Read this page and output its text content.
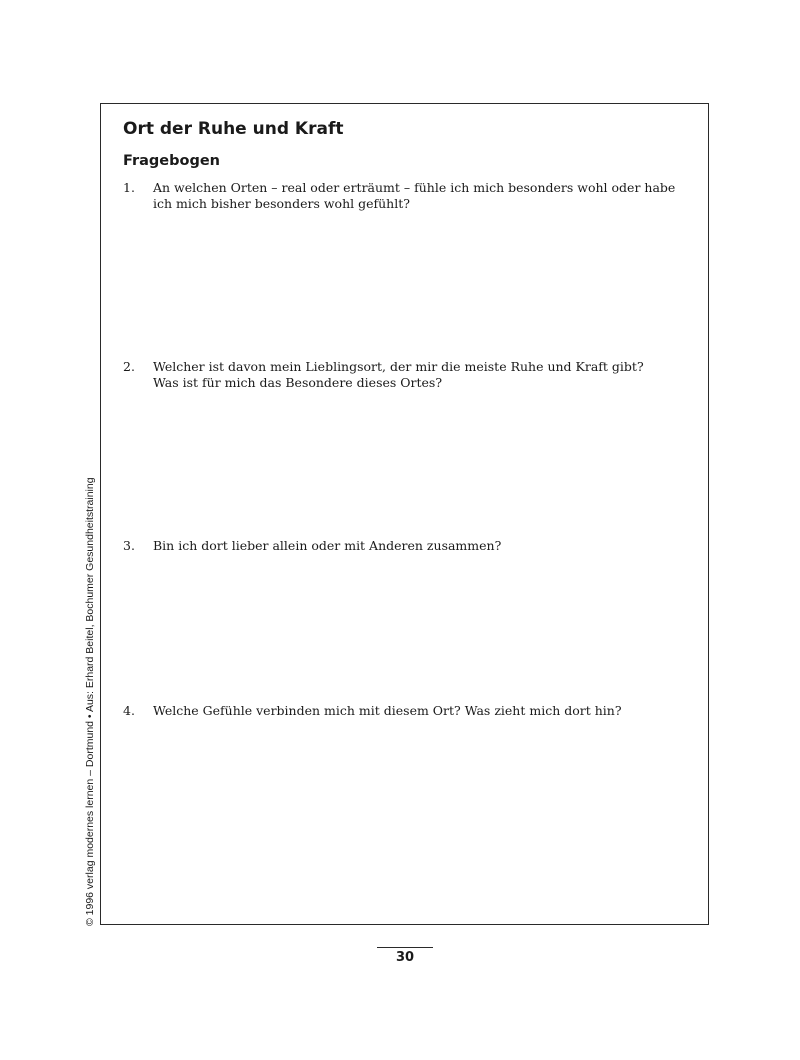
Ort der Ruhe und Kraft
Fragebogen
1. An welchen Orten – real oder erträumt – fühle ich mich besonders wohl oder habe
ich mich bisher besonders wohl gefühlt?
2. Welcher ist davon mein Lieblingsort, der mir die meiste Ruhe und Kraft gibt?
Was ist für mich das Besondere dieses Ortes?
3. Bin ich dort lieber allein oder mit Anderen zusammen?
4. Welche Gefühle verbinden mich mit diesem Ort? Was zieht mich dort hin?
© 1996 verlag modernes lernen – Dortmund • Aus: Erhard Beitel, Bochumer Gesundheitstraining
30
